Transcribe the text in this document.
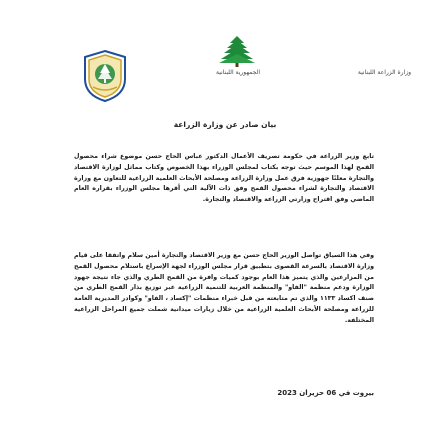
الجمهورية اللبنانية	وزارة الزراعة اللبنانية
بيان صادر عن وزارة الزراعة

تابع وزير الزراعة في حكومة تصريف الأعمال الدكتور عباس الحاج حسن موضوع شراء محصول القمح لهذا الموسم حيث توجه بكتاب لمجلس الوزراء بهذا الخصوص وكتاب مماثل لوزارة الاقتصاد والتجارة معلنًا جهوزية فرق عمل وزارة الزراعة ومصلحة الأبحاث العلمية الزراعية للتعاون مع وزارة الاقتصاد والتجارة لشراء محصول القمح وفق ذات الآلية التي أقرها مجلس الوزراء بقراره العام الماضي وفق اقتراح وزارتي الزراعة والاقتصاد والتجارة.

وفي هذا السياق تواصل الوزير الحاج حسن مع وزير الاقتصاد والتجارة أمين سلام واتفقا على قيام وزارة الاقتصاد بالسرعة القصوى بتطبيق قرار مجلس الوزراء لجهة الإسراع باستلام محصول القمح من المزارعين والذي يتميز هذا العام بوجود كميات وافرة من القمح الطري والذي جاء نتيجة جهود الوزارة ودعم منظمة "الفاو" والمنظمة العربية للتنمية الزراعية عبر توزيع بذار القمح الطري من صنف اكساد ١١٣٣ والذي تم متابعته من قبل خبراء منظمات "إكساد ، الفاو" وكوادر المديرية العامة للزراعة ومصلحة الأبحاث العلمية الزراعية من خلال زيارات ميدانية شملت جميع المراحل الزراعية المختلفة.

بيروت في 06 حزيران 2023
